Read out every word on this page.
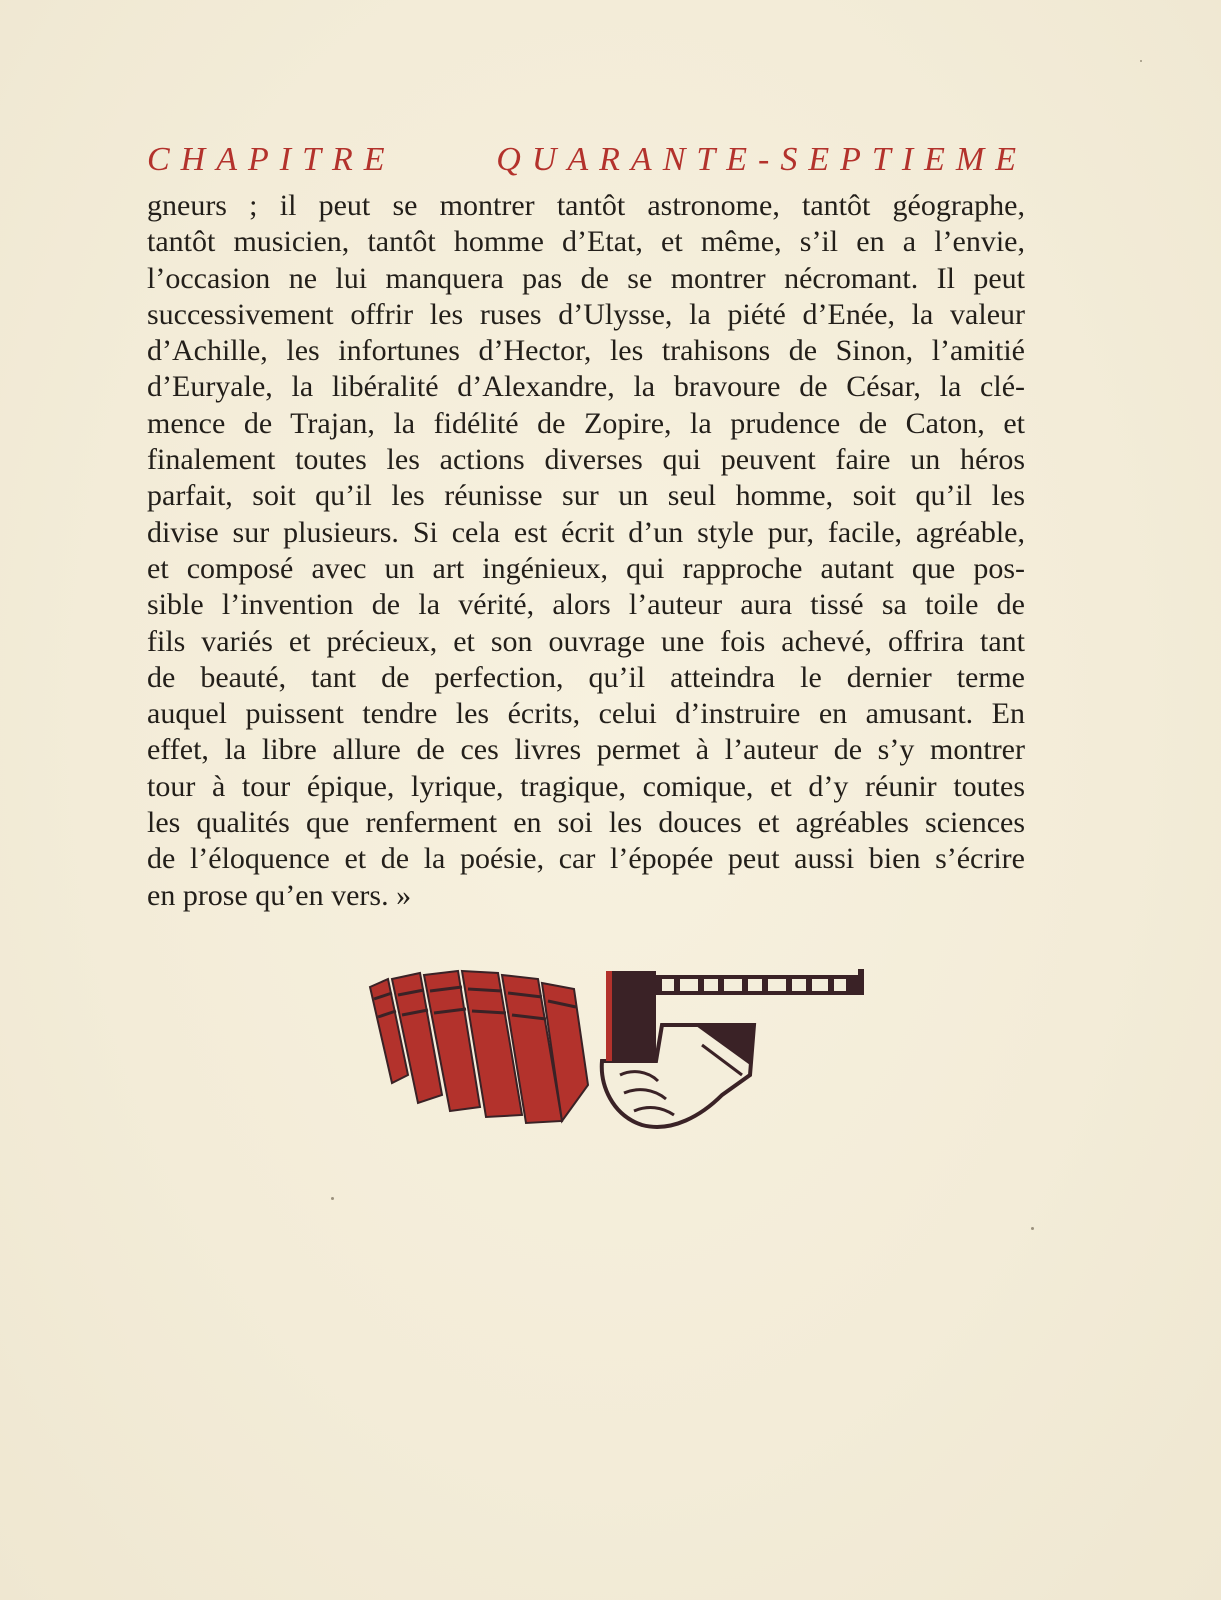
CHAPITRE	QUARANTE-SEPTIEME
gneurs ; il peut se montrer tantôt astronome, tantôt géographe,
tantôt musicien, tantôt homme d’Etat, et même, s’il en a l’envie,
l’occasion ne lui manquera pas de se montrer nécromant. Il peut
successivement offrir les ruses d’Ulysse, la piété d’Enée, la valeur
d’Achille, les infortunes d’Hector, les trahisons de Sinon, l’amitié
d’Euryale, la libéralité d’Alexandre, la bravoure de César, la clé-
mence de Trajan, la fidélité de Zopire, la prudence de Caton, et
finalement toutes les actions diverses qui peuvent faire un héros
parfait, soit qu’il les réunisse sur un seul homme, soit qu’il les
divise sur plusieurs. Si cela est écrit d’un style pur, facile, agréable,
et composé avec un art ingénieux, qui rapproche autant que pos-
sible l’invention de la vérité, alors l’auteur aura tissé sa toile de
fils variés et précieux, et son ouvrage une fois achevé, offrira tant
de beauté, tant de perfection, qu’il atteindra le dernier terme
auquel puissent tendre les écrits, celui d’instruire en amusant. En
effet, la libre allure de ces livres permet à l’auteur de s’y montrer
tour à tour épique, lyrique, tragique, comique, et d’y réunir toutes
les qualités que renferment en soi les douces et agréables sciences
de l’éloquence et de la poésie, car l’épopée peut aussi bien s’écrire
en prose qu’en vers. »
